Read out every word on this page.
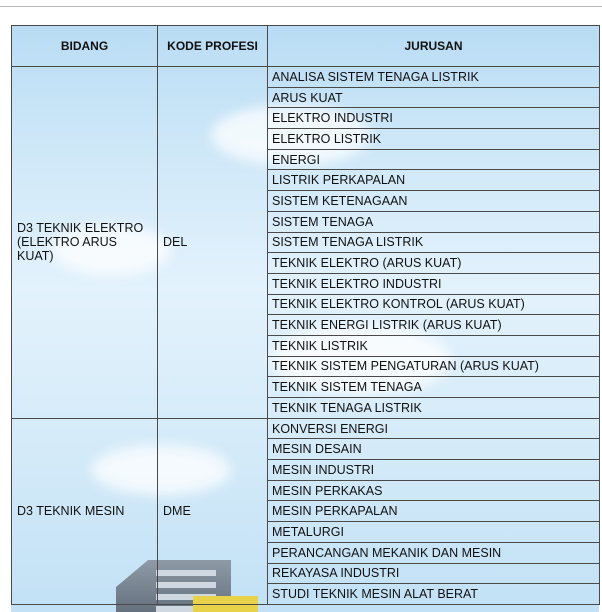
BIDANG	KODE PROFESI	JURUSAN
D3 TEKNIK ELEKTRO (ELEKTRO ARUS KUAT)	DEL	ANALISA SISTEM TENAGA LISTRIK
		ARUS KUAT
		ELEKTRO INDUSTRI
		ELEKTRO LISTRIK
		ENERGI
		LISTRIK PERKAPALAN
		SISTEM KETENAGAAN
		SISTEM TENAGA
		SISTEM TENAGA LISTRIK
		TEKNIK ELEKTRO (ARUS KUAT)
		TEKNIK ELEKTRO INDUSTRI
		TEKNIK ELEKTRO KONTROL (ARUS KUAT)
		TEKNIK ENERGI LISTRIK (ARUS KUAT)
		TEKNIK LISTRIK
		TEKNIK SISTEM PENGATURAN (ARUS KUAT)
		TEKNIK SISTEM TENAGA
		TEKNIK TENAGA LISTRIK
D3 TEKNIK MESIN	DME	KONVERSI ENERGI
		MESIN DESAIN
		MESIN INDUSTRI
		MESIN PERKAKAS
		MESIN PERKAPALAN
		METALURGI
		PERANCANGAN MEKANIK DAN MESIN
		REKAYASA INDUSTRI
		STUDI TEKNIK MESIN ALAT BERAT
